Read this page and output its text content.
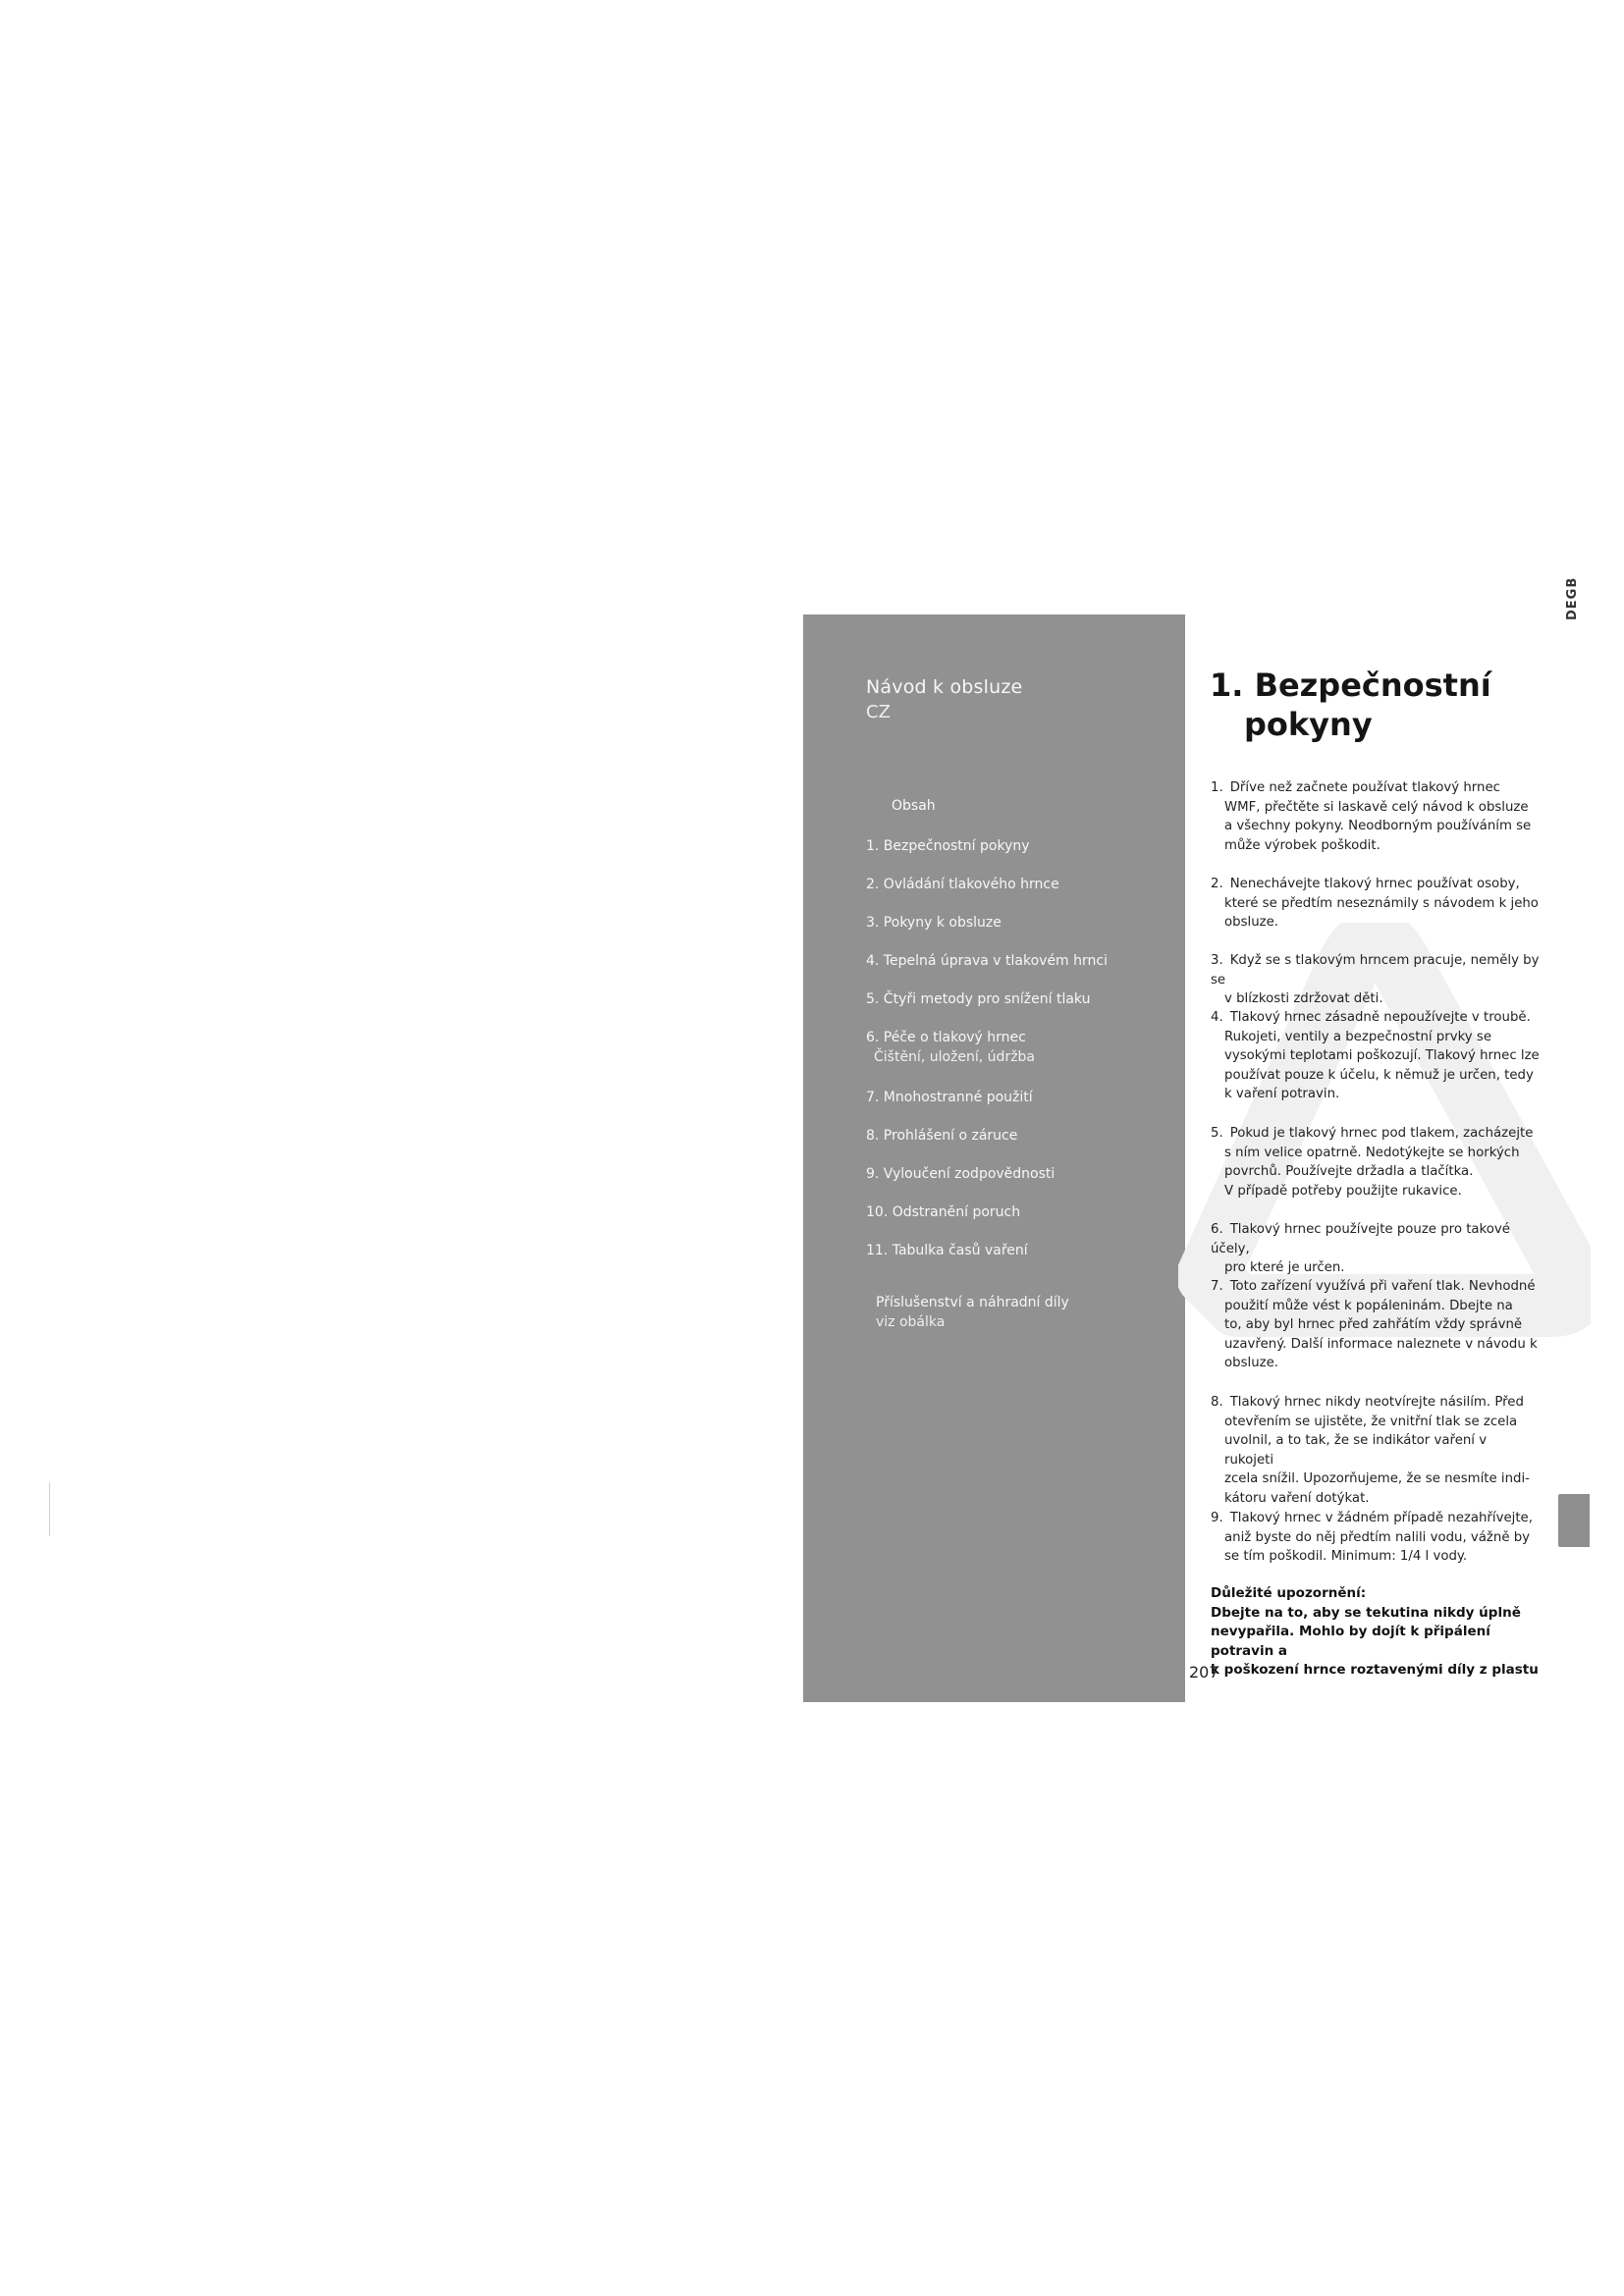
Návod k obsluze
CZ
Obsah
1. Bezpečnostní pokyny
2. Ovládání tlakového hrnce
3. Pokyny k obsluze
4. Tepelná úprava v tlakovém hrnci
5. Čtyři metody pro snížení tlaku
6. Péče o tlakový hrnec
Čištění, uložení, údržba
7. Mnohostranné použití
8. Prohlášení o záruce
9. Vyloučení zodpovědnosti
10. Odstranění poruch
11. Tabulka časů vaření
Příslušenství a náhradní díly
viz obálka
DEGB
1. Bezpečnostní
pokyny
1. Dříve než začnete používat tlakový hrnec
WMF, přečtěte si laskavě celý návod k obsluze
a všechny pokyny. Neodborným používáním se
může výrobek poškodit.
2. Nenechávejte tlakový hrnec používat osoby,
které se předtím neseznámily s návodem k jeho
obsluze.
3. Když se s tlakovým hrncem pracuje, neměly by se
v blízkosti zdržovat děti.
4. Tlakový hrnec zásadně nepoužívejte v troubě.
Rukojeti, ventily a bezpečnostní prvky se
vysokými teplotami poškozují. Tlakový hrnec lze
používat pouze k účelu, k němuž je určen, tedy
k vaření potravin.
5. Pokud je tlakový hrnec pod tlakem, zacházejte
s ním velice opatrně. Nedotýkejte se horkých
povrchů. Používejte držadla a tlačítka.
V případě potřeby použijte rukavice.
6. Tlakový hrnec používejte pouze pro takové účely,
pro které je určen.
7. Toto zařízení využívá při vaření tlak. Nevhodné
použití může vést k popáleninám. Dbejte na
to, aby byl hrnec před zahřátím vždy správně
uzavřený. Další informace naleznete v návodu k
obsluze.
8. Tlakový hrnec nikdy neotvírejte násilím. Před
otevřením se ujistěte, že vnitřní tlak se zcela
uvolnil, a to tak, že se indikátor vaření v rukojeti
zcela snížil. Upozorňujeme, že se nesmíte indi-
kátoru vaření dotýkat.
9. Tlakový hrnec v žádném případě nezahřívejte,
aniž byste do něj předtím nalili vodu, vážně by
se tím poškodil. Minimum: 1/4 l vody.
Důležité upozornění:
Dbejte na to, aby se tekutina nikdy úplně
nevypařila. Mohlo by dojít k připálení potravin a
k poškození hrnce roztavenými díly z plastu
207
